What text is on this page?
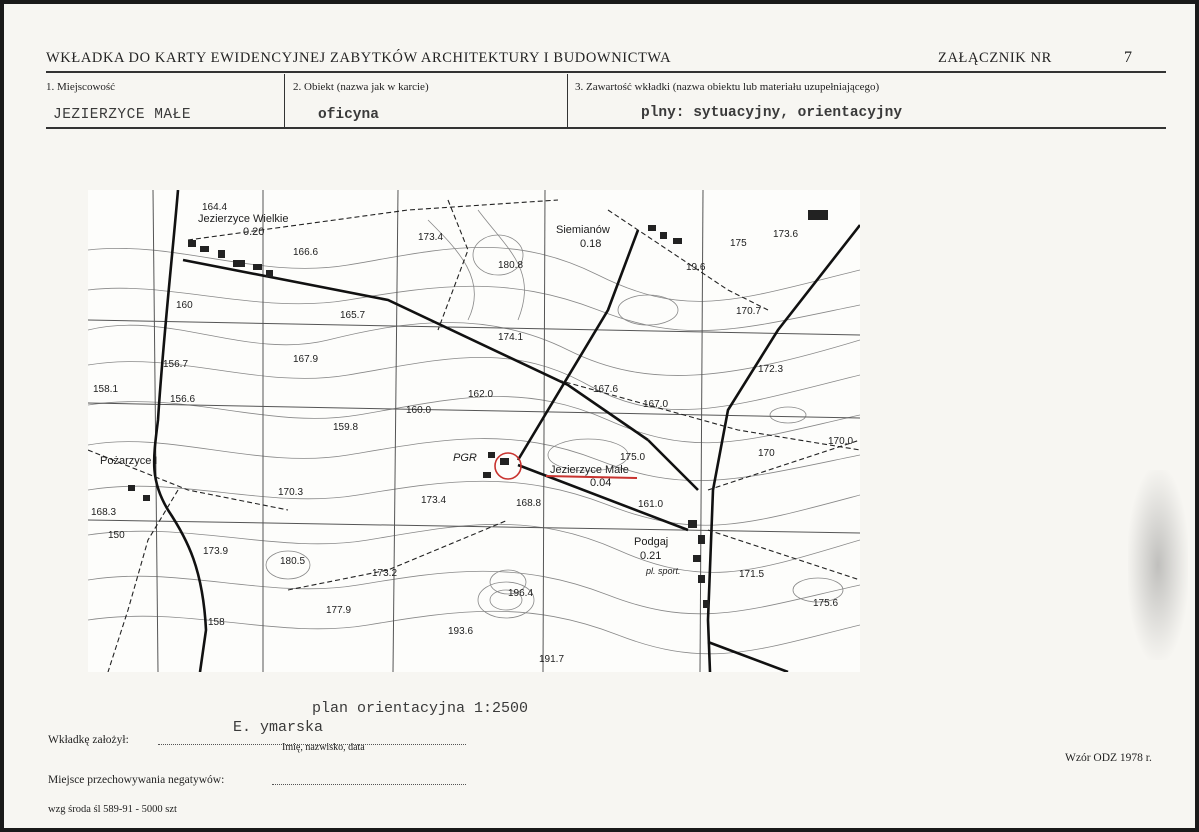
WKŁADKA DO KARTY EWIDENCYJNEJ ZABYTKÓW ARCHITEKTURY I BUDOWNICTWA	ZAŁĄCZNIK NR	7
1. Miejscowość	2. Obiekt (nazwa jak w karcie)	3. Zawartość wkładki (nazwa obiektu lub materiału uzupełniającego)
JEZIERZYCE MAŁE	oficyna	plny: sytuacyjny, orientacyjny
Jezierzyce Wielkie
0.20	Siemianów
0.18
Jezierzyce Małe
0.04
Pożarzyce I
Podgaj
0.21
PGR
pl. sport.
164.4
166.6
173.4
180.8
175
173.6
165.7
174.1
170.7
158.1
156.7	167.9
167.6
172.3
156.6
160.0
162.0
167.0
159.8
175.0
170.0
170
170.3
173.4	168.8	161.0
168.3
173.9
180.5
173.2	171.5
196.4
175.6
177.9
193.6
191.7
158
150
160
19.6
plan orientacyjna 1:2500
Wkładkę założył:
E. ymarska
Imię, nazwisko, data
Wzór ODZ 1978 r.
Miejsce przechowywania negatywów:
wzg środa śl 589-91 - 5000 szt
